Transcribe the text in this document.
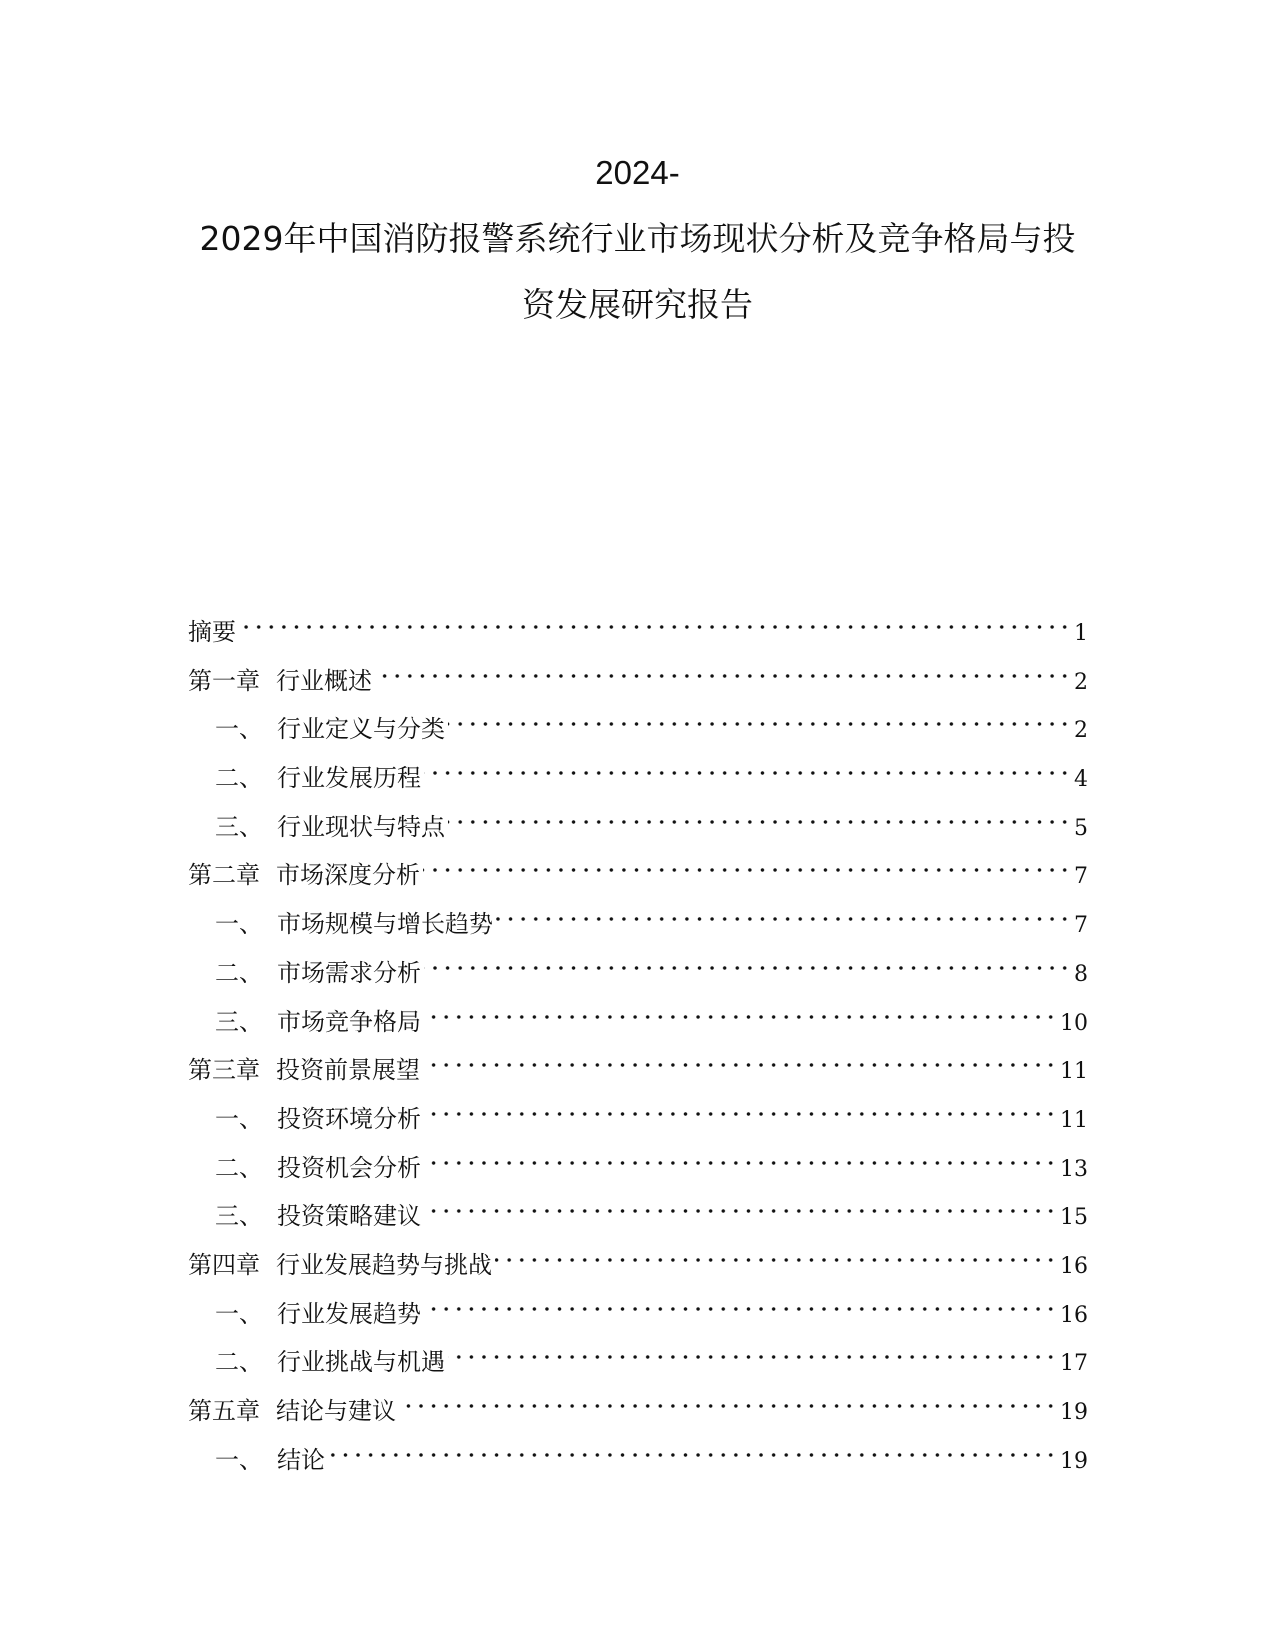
2024-
2029年中国消防报警系统行业市场现状分析及竞争格局与投
资发展研究报告
摘要	1
第一章 行业概述	2
一、 行业定义与分类	2
二、 行业发展历程	4
三、 行业现状与特点	5
第二章 市场深度分析	7
一、 市场规模与增长趋势	7
二、 市场需求分析	8
三、 市场竞争格局	10
第三章 投资前景展望	11
一、 投资环境分析	11
二、 投资机会分析	13
三、 投资策略建议	15
第四章 行业发展趋势与挑战	16
一、 行业发展趋势	16
二、 行业挑战与机遇	17
第五章 结论与建议	19
一、 结论	19
